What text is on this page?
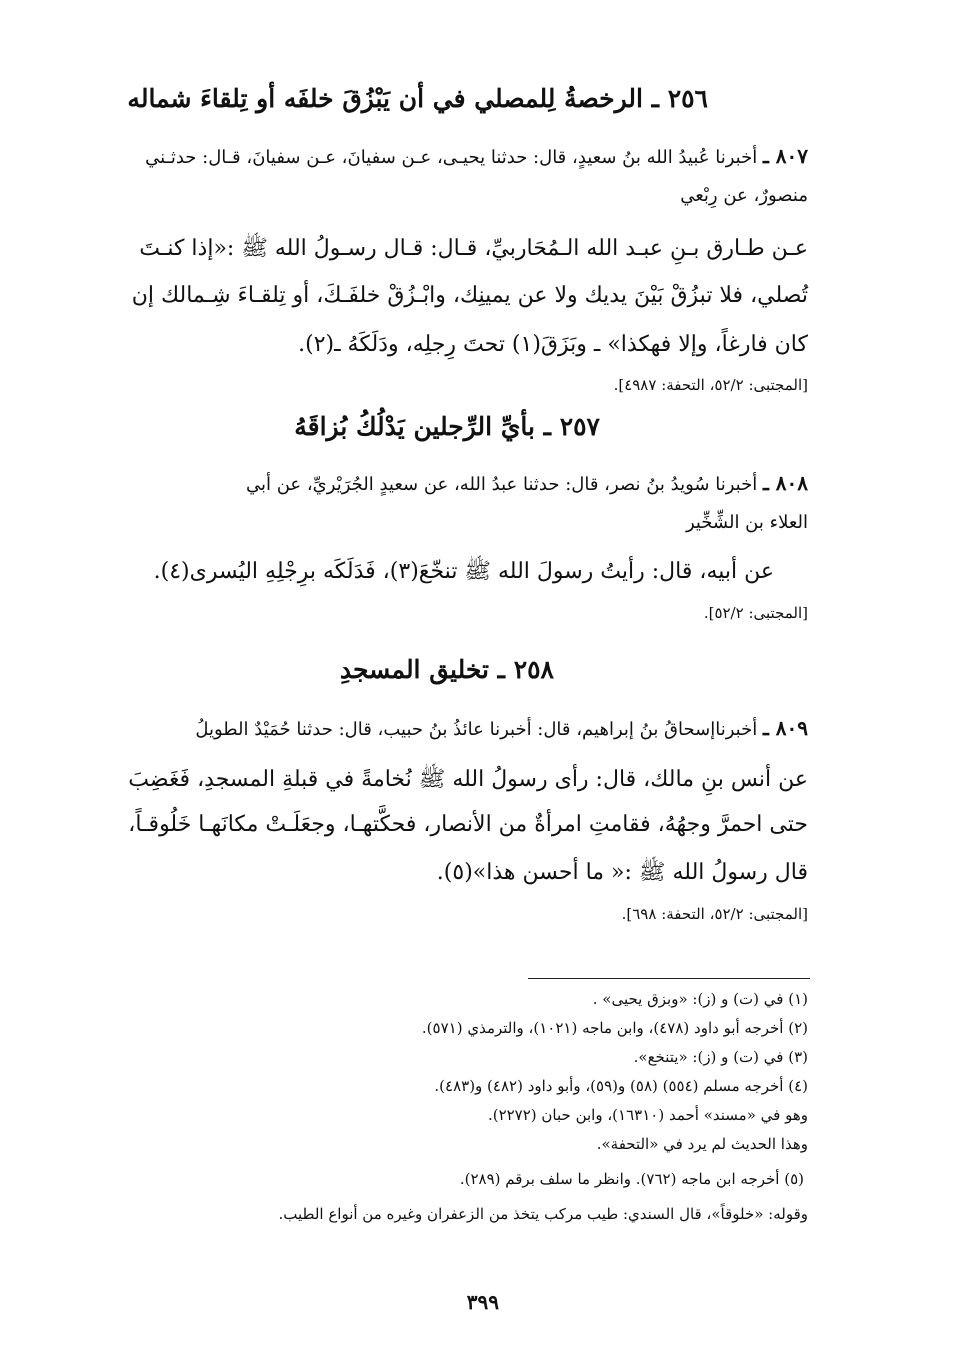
٢٥٦ ـ الرخصةُ لِلمصلي في أن يَبْزُقَ خلفَه أو تِلقاءَ شماله
٨٠٧ ـ أخبرنا عُبيدُ الله بنُ سعيدٍ، قال: حدثنا يحيـى، عـن سفيانَ، عـن سفيانَ، قـال: حدثـني
منصورٌ، عن رِبْعي
عـن طـارق بـنِ عبـد الله الـمُحَاربيِّ، قـال: قـال رسـولُ الله ﷺ :«إذا كنـتَ
تُصلي، فلا تبزُقْ بَيْنَ يديك ولا عن يمينِك، وابْـزُقْ خلفَـكَ، أو تِلقـاءَ شِـمالك إن
كان فارغاً، وإلا فهكذا» ـ وبَزَقَ(١) تحتَ رِجلِه، ودَلَكَهُ ـ(٢).
[المجتبى: ٥٢/٢، التحفة: ٤٩٨٧].
٢٥٧ ـ بأيِّ الرِّجلين يَدْلُكُ بُزاقَهُ
٨٠٨ ـ أخبرنا سُويدُ بنُ نصر، قال: حدثنا عبدُ الله، عن سعيدٍ الجُرَيْريِّ، عن أبي
العلاء بن الشِّخِّير
عن أبيه، قال: رأيتُ رسولَ الله ﷺ تنخّعَ(٣)، فَدَلَكَه برِجْلِهِ اليُسرى(٤).
[المجتبى: ٥٢/٢].
٢٥٨ ـ تخليق المسجدِ
٨٠٩ ـ أخبرناإسحاقُ بنُ إبراهيم، قال: أخبرنا عائذُ بنُ حبيب، قال: حدثنا حُمَيْدٌ الطويلُ
عن أنس بنِ مالك، قال: رأى رسولُ الله ﷺ نُخامةً في قبلةِ المسجدِ، فَغَضِبَ
حتى احمرَّ وجهُهُ، فقامتِ امرأةٌ من الأنصار، فحكَّتهـا، وجعَلَـتْ مكانَهـا خَلُوقـاً،
قال رسولُ الله ﷺ :« ما أحسن هذا»(٥).
[المجتبى: ٥٢/٢، التحفة: ٦٩٨].
(١) في (ت) و (ز): «وبزق يحيى» .
(٢) أخرجه أبو داود (٤٧٨)، وابن ماجه (١٠٢١)، والترمذي (٥٧١).
(٣) في (ت) و (ز): «يتنخع».
(٤) أخرجه مسلم (٥٥٤) (٥٨) و(٥٩)، وأبو داود (٤٨٢) و(٤٨٣).
وهو في «مسند» أحمد (١٦٣١٠)، وابن حبان (٢٢٧٢).
وهذا الحديث لم يرد في «التحفة».
(٥) أخرجه ابن ماجه (٧٦٢). وانظر ما سلف برقم (٢٨٩).
وقوله: «خلوقاً»، قال السندي: طيب مركب يتخذ من الزعفران وغيره من أنواع الطيب.
٣٩٩
